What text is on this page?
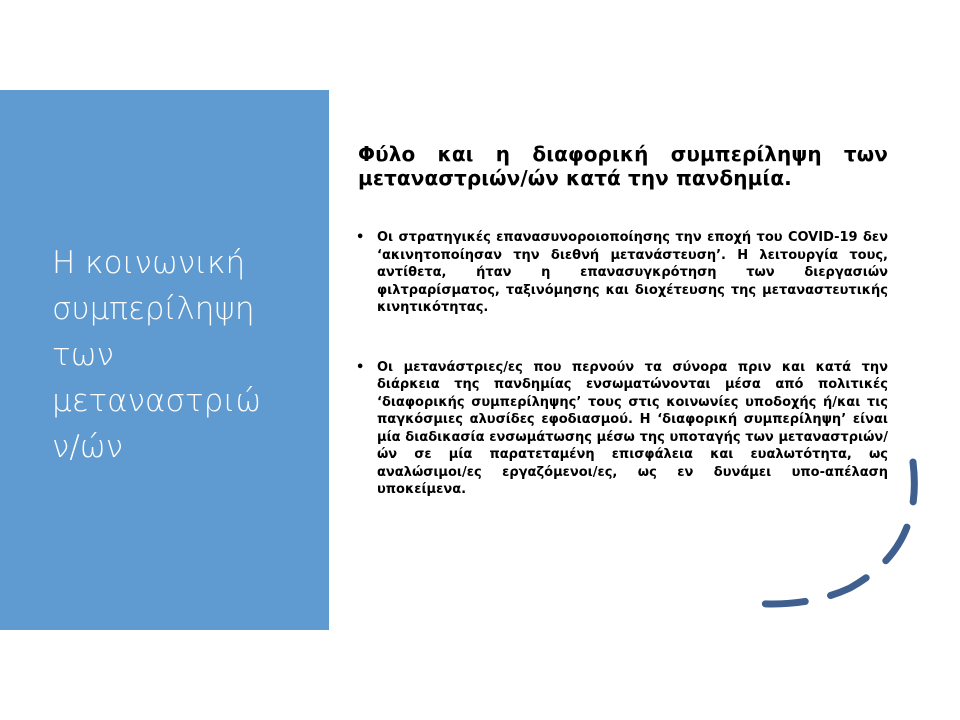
Η κοινωνική
συμπερίληψη
των
μεταναστριώ
ν/ών
Φύλο και η διαφορική συμπερίληψη των μεταναστριών/ών κατά την πανδημία.
• Οι στρατηγικές επανασυνοροιοποίησης την εποχή του COVID-19 δεν ‘ακινητοποίησαν την διεθνή μετανάστευση’. Η λειτουργία τους, αντίθετα, ήταν η επανασυγκρότηση των διεργασιών φιλτραρίσματος, ταξινόμησης και διοχέτευσης της μεταναστευτικής κινητικότητας.
• Οι μετανάστριες/ες που περνούν τα σύνορα πριν και κατά την διάρκεια της πανδημίας ενσωματώνονται μέσα από πολιτικές ‘διαφορικής συμπερίληψης’ τους στις κοινωνίες υποδοχής ή/και τις παγκόσμιες αλυσίδες εφοδιασμού. Η ‘διαφορική συμπερίληψη’ είναι μία διαδικασία ενσωμάτωσης μέσω της υποταγής των μεταναστριών/ών σε μία παρατεταμένη επισφάλεια και ευαλωτότητα, ως αναλώσιμοι/ες εργαζόμενοι/ες, ως εν δυνάμει υπο-απέλαση υποκείμενα.
